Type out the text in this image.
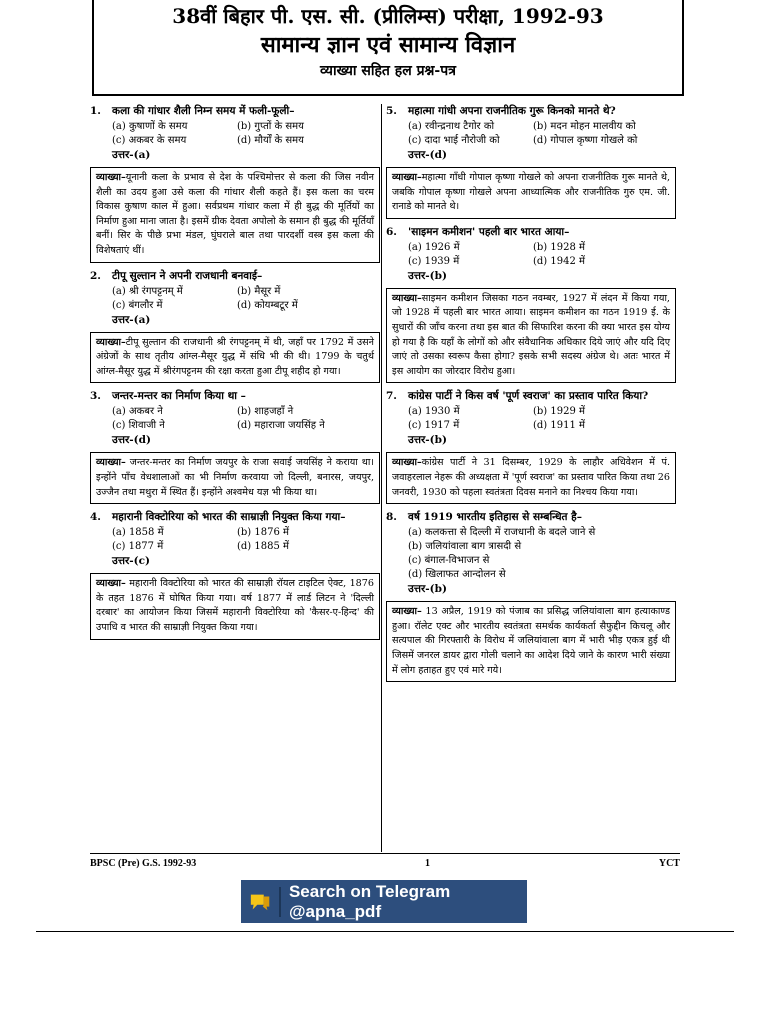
38वीं बिहार पी. एस. सी. (प्रीलिम्स) परीक्षा, 1992-93
सामान्य ज्ञान एवं सामान्य विज्ञान
व्याख्या सहित हल प्रश्न-पत्र
1.	कला की गांधार शैली निम्न समय में फली-फूली–
(a) कुषाणों के समय	(b) गुप्तों के समय
(c) अकबर के समय	(d) मौर्यों के समय
उत्तर-(a)
व्याख्या–यूनानी कला के प्रभाव से देश के पश्चिमोत्तर से कला की जिस नवीन शैली का उदय हुआ उसे कला की गांधार शैली कहते हैं। इस कला का चरम विकास कुषाण काल में हुआ। सर्वप्रथम गांधार कला में ही बुद्ध की मूर्तियों का निर्माण हुआ माना जाता है। इसमें ग्रीक देवता अपोलो के समान ही बुद्ध की मूर्तियाँ बनीं। सिर के पीछे प्रभा मंडल, घुंघराले बाल तथा पारदर्शी वस्त्र इस कला की विशेषताएं थीं।
2.	टीपू सुल्तान ने अपनी राजधानी बनवाई–
(a) श्री रंगपट्टनम् में	(b) मैसूर में
(c) बंगलौर में	(d) कोयम्बटूर में
उत्तर-(a)
व्याख्या–टीपू सुल्तान की राजधानी श्री रंगपट्टनम् में थी, जहाँ पर 1792 में उसने अंग्रेजों के साथ तृतीय आंग्ल-मैसूर युद्ध में संधि भी की थी। 1799 के चतुर्थ आंग्ल-मैसूर युद्ध में श्रीरंगपट्टनम की रक्षा करता हुआ टीपू शहीद हो गया।
3.	जन्तर-मन्तर का निर्माण किया था –
(a) अकबर ने	(b) शाहजहाँ ने
(c) शिवाजी ने	(d) महाराजा जयसिंह ने
उत्तर-(d)
व्याख्या– जन्तर-मन्तर का निर्माण जयपुर के राजा सवाई जयसिंह ने कराया था। इन्होंने पाँच वेधशालाओं का भी निर्माण करवाया जो दिल्ली, बनारस, जयपुर, उज्जैन तथा मथुरा में स्थित हैं। इन्होंने अश्वमेध यज्ञ भी किया था।
4.	महारानी विक्टोरिया को भारत की साम्राज्ञी नियुक्त किया गया–
(a) 1858 में	(b) 1876 में
(c) 1877 में	(d) 1885 में
उत्तर-(c)
व्याख्या– महारानी विक्टोरिया को भारत की साम्राज्ञी रॉयल टाइटिल ऐक्ट, 1876 के तहत 1876 में घोषित किया गया। वर्ष 1877 में लार्ड लिटन ने 'दिल्ली दरबार' का आयोजन किया जिसमें महारानी विक्टोरिया को 'कैसर-ए-हिन्द' की उपाधि व भारत की साम्राज्ञी नियुक्त किया गया।
5.	महात्मा गांधी अपना राजनीतिक गुरू किनको मानते थे?
(a) रवीन्द्रनाथ टैगोर को	(b) मदन मोहन मालवीय को
(c) दादा भाई नौरोजी को	(d) गोपाल कृष्णा गोखले को
उत्तर-(d)
व्याख्या–महात्मा गाँधी गोपाल कृष्णा गोखले को अपना राजनीतिक गुरू मानते थे, जबकि गोपाल कृष्णा गोखले अपना आध्यात्मिक और राजनीतिक गुरु एम. जी. रानाडे को मानते थे।
6.	'साइमन कमीशन' पहली बार भारत आया–
(a) 1926 में	(b) 1928 में
(c) 1939 में	(d) 1942 में
उत्तर-(b)
व्याख्या–साइमन कमीशन जिसका गठन नवम्बर, 1927 में लंदन में किया गया, जो 1928 में पहली बार भारत आया। साइमन कमीशन का गठन 1919 ई. के सुधारों की जाँच करना तथा इस बात की सिफारिश करना की क्या भारत इस योग्य हो गया है कि यहाँ के लोगों को और संवैधानिक अधिकार दिये जाएं और यदि दिए जाएं तो उसका स्वरूप कैसा होगा? इसके सभी सदस्य अंग्रेज थे। अतः भारत में इस आयोग का जोरदार विरोध हुआ।
7.	कांग्रेस पार्टी ने किस वर्ष 'पूर्ण स्वराज' का प्रस्ताव पारित किया?
(a) 1930 में	(b) 1929 में
(c) 1917 में	(d) 1911 में
उत्तर-(b)
व्याख्या–कांग्रेस पार्टी ने 31 दिसम्बर, 1929 के लाहौर अधिवेशन में पं. जवाहरलाल नेहरू की अध्यक्षता में 'पूर्ण स्वराज' का प्रस्ताव पारित किया तथा 26 जनवरी, 1930 को पहला स्वतंत्रता दिवस मनाने का निश्चय किया गया।
8.	वर्ष 1919 भारतीय इतिहास से सम्बन्धित है–
(a) कलकत्ता से दिल्ली में राजधानी के बदले जाने से
(b) जलियांवाला बाग त्रासदी से
(c) बंगाल-विभाजन से
(d) खिलाफत आन्दोलन से
उत्तर-(b)
व्याख्या– 13 अप्रैल, 1919 को पंजाब का प्रसिद्ध जलियांवाला बाग हत्याकाण्ड हुआ। रॉलेट एक्ट और भारतीय स्वतंत्रता समर्थक कार्यकर्ता सैफुद्दीन किचलू और सत्यपाल की गिरफ्तारी के विरोध में जलियांवाला बाग में भारी भीड़ एकत्र हुई थी जिसमें जनरल डायर द्वारा गोली चलाने का आदेश दिये जाने के कारण भारी संख्या में लोग हताहत हुए एवं मारे गये।
BPSC (Pre) G.S. 1992-93	1	YCT
Search on Telegram @apna_pdf
